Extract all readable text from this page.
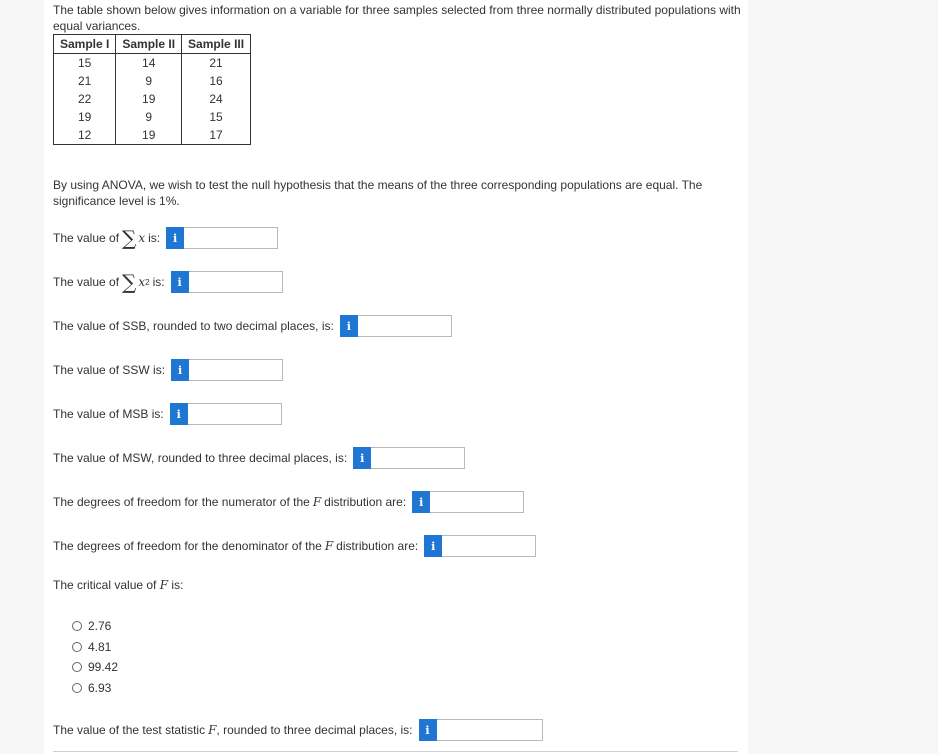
The table shown below gives information on a variable for three samples selected from three normally distributed populations with equal variances.
Sample I	Sample II	Sample III
15	14	21
21	9	16
22	19	24
19	9	15
12	19	17
By using ANOVA, we wish to test the null hypothesis that the means of the three corresponding populations are equal. The significance level is 1%.
The value of ∑ x is:	i
The value of ∑ x 2 is:	i
The value of SSB, rounded to two decimal places, is:	i
The value of SSW is:	i
The value of MSB is:	i
The value of MSW, rounded to three decimal places, is:	i
The degrees of freedom for the numerator of the F distribution are:	i
The degrees of freedom for the denominator of the F distribution are:	i
The critical value of F is:
2.76
4.81
99.42
6.93
The value of the test statistic F , rounded to three decimal places, is:	i
